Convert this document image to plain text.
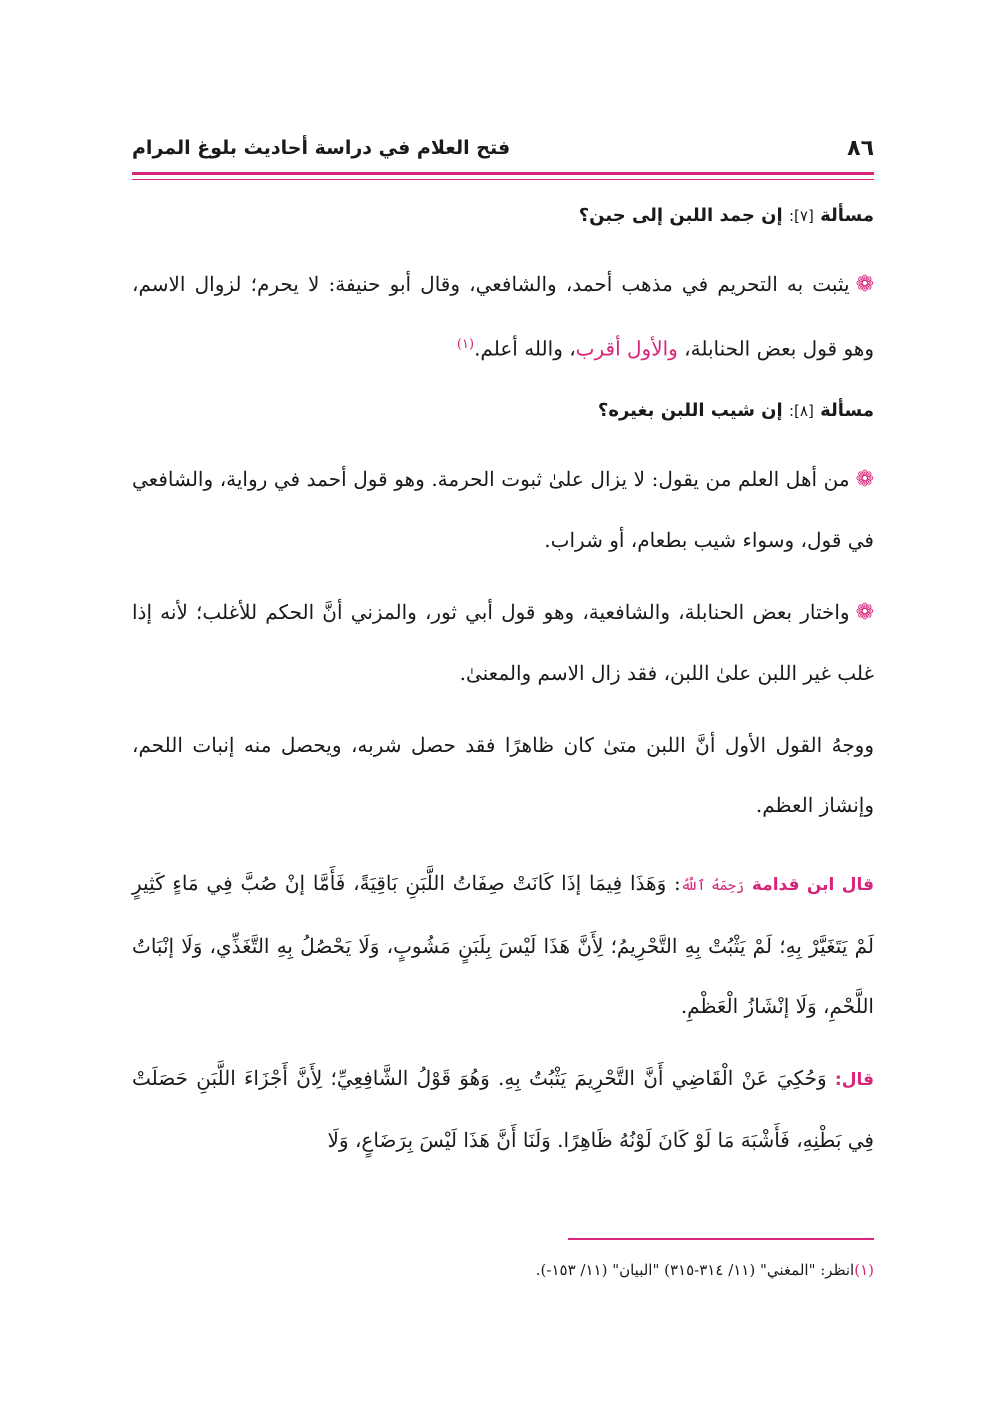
٨٦
فتح العلام في دراسة أحاديث بلوغ المرام
مسألة [٧]: إن جمد اللبن إلى جبن؟

❁يثبت به التحريم في مذهب أحمد، والشافعي، وقال أبو حنيفة: لا يحرم؛ لزوال الاسم، وهو قول بعض الحنابلة، والأول أقرب، والله أعلم.$^{(١)}$

مسألة [٨]: إن شيب اللبن بغيره؟

❁من أهل العلم من يقول: لا يزال علىٰ ثبوت الحرمة. وهو قول أحمد في رواية، والشافعي في قول، وسواء شيب بطعام، أو شراب.

❁واختار بعض الحنابلة، والشافعية، وهو قول أبي ثور، والمزني أنَّ الحكم للأغلب؛ لأنه إذا غلب غير اللبن علىٰ اللبن، فقد زال الاسم والمعنىٰ.

ووجهُ القول الأول أنَّ اللبن متىٰ كان ظاهرًا فقد حصل شربه، ويحصل منه إنبات اللحم، وإنشاز العظم.

قال ابن قدامة رَحِمَهُ ٱللَّهُ: وَهَذَا فِيمَا إذَا كَانَتْ صِفَاتُ اللَّبَنِ بَاقِيَةً، فَأَمَّا إنْ صُبَّ فِي مَاءٍ كَثِيرٍ لَمْ يَتَغَيَّرْ بِهِ؛ لَمْ يَثْبُتْ بِهِ التَّحْرِيمُ؛ لِأَنَّ هَذَا لَيْسَ بِلَبَنٍ مَشُوبٍ، وَلَا يَحْصُلُ بِهِ التَّغَذِّي، وَلَا إنْبَاتُ اللَّحْمِ، وَلَا إنْشَازُ الْعَظْمِ.

قال: وَحُكِيَ عَنْ الْقَاضِي أَنَّ التَّحْرِيمَ يَثْبُتُ بِهِ. وَهُوَ قَوْلُ الشَّافِعِيِّ؛ لِأَنَّ أَجْزَاءَ اللَّبَنِ حَصَلَتْ فِي بَطْنِهِ، فَأَشْبَهَ مَا لَوْ كَانَ لَوْنُهُ ظَاهِرًا. وَلَنَا أَنَّ هَذَا لَيْسَ بِرَضَاعٍ، وَلَا

(١)انظر: "المغني" (١١/ ٣١٤-٣١٥) "البيان" (١١/ ١٥٣-).
